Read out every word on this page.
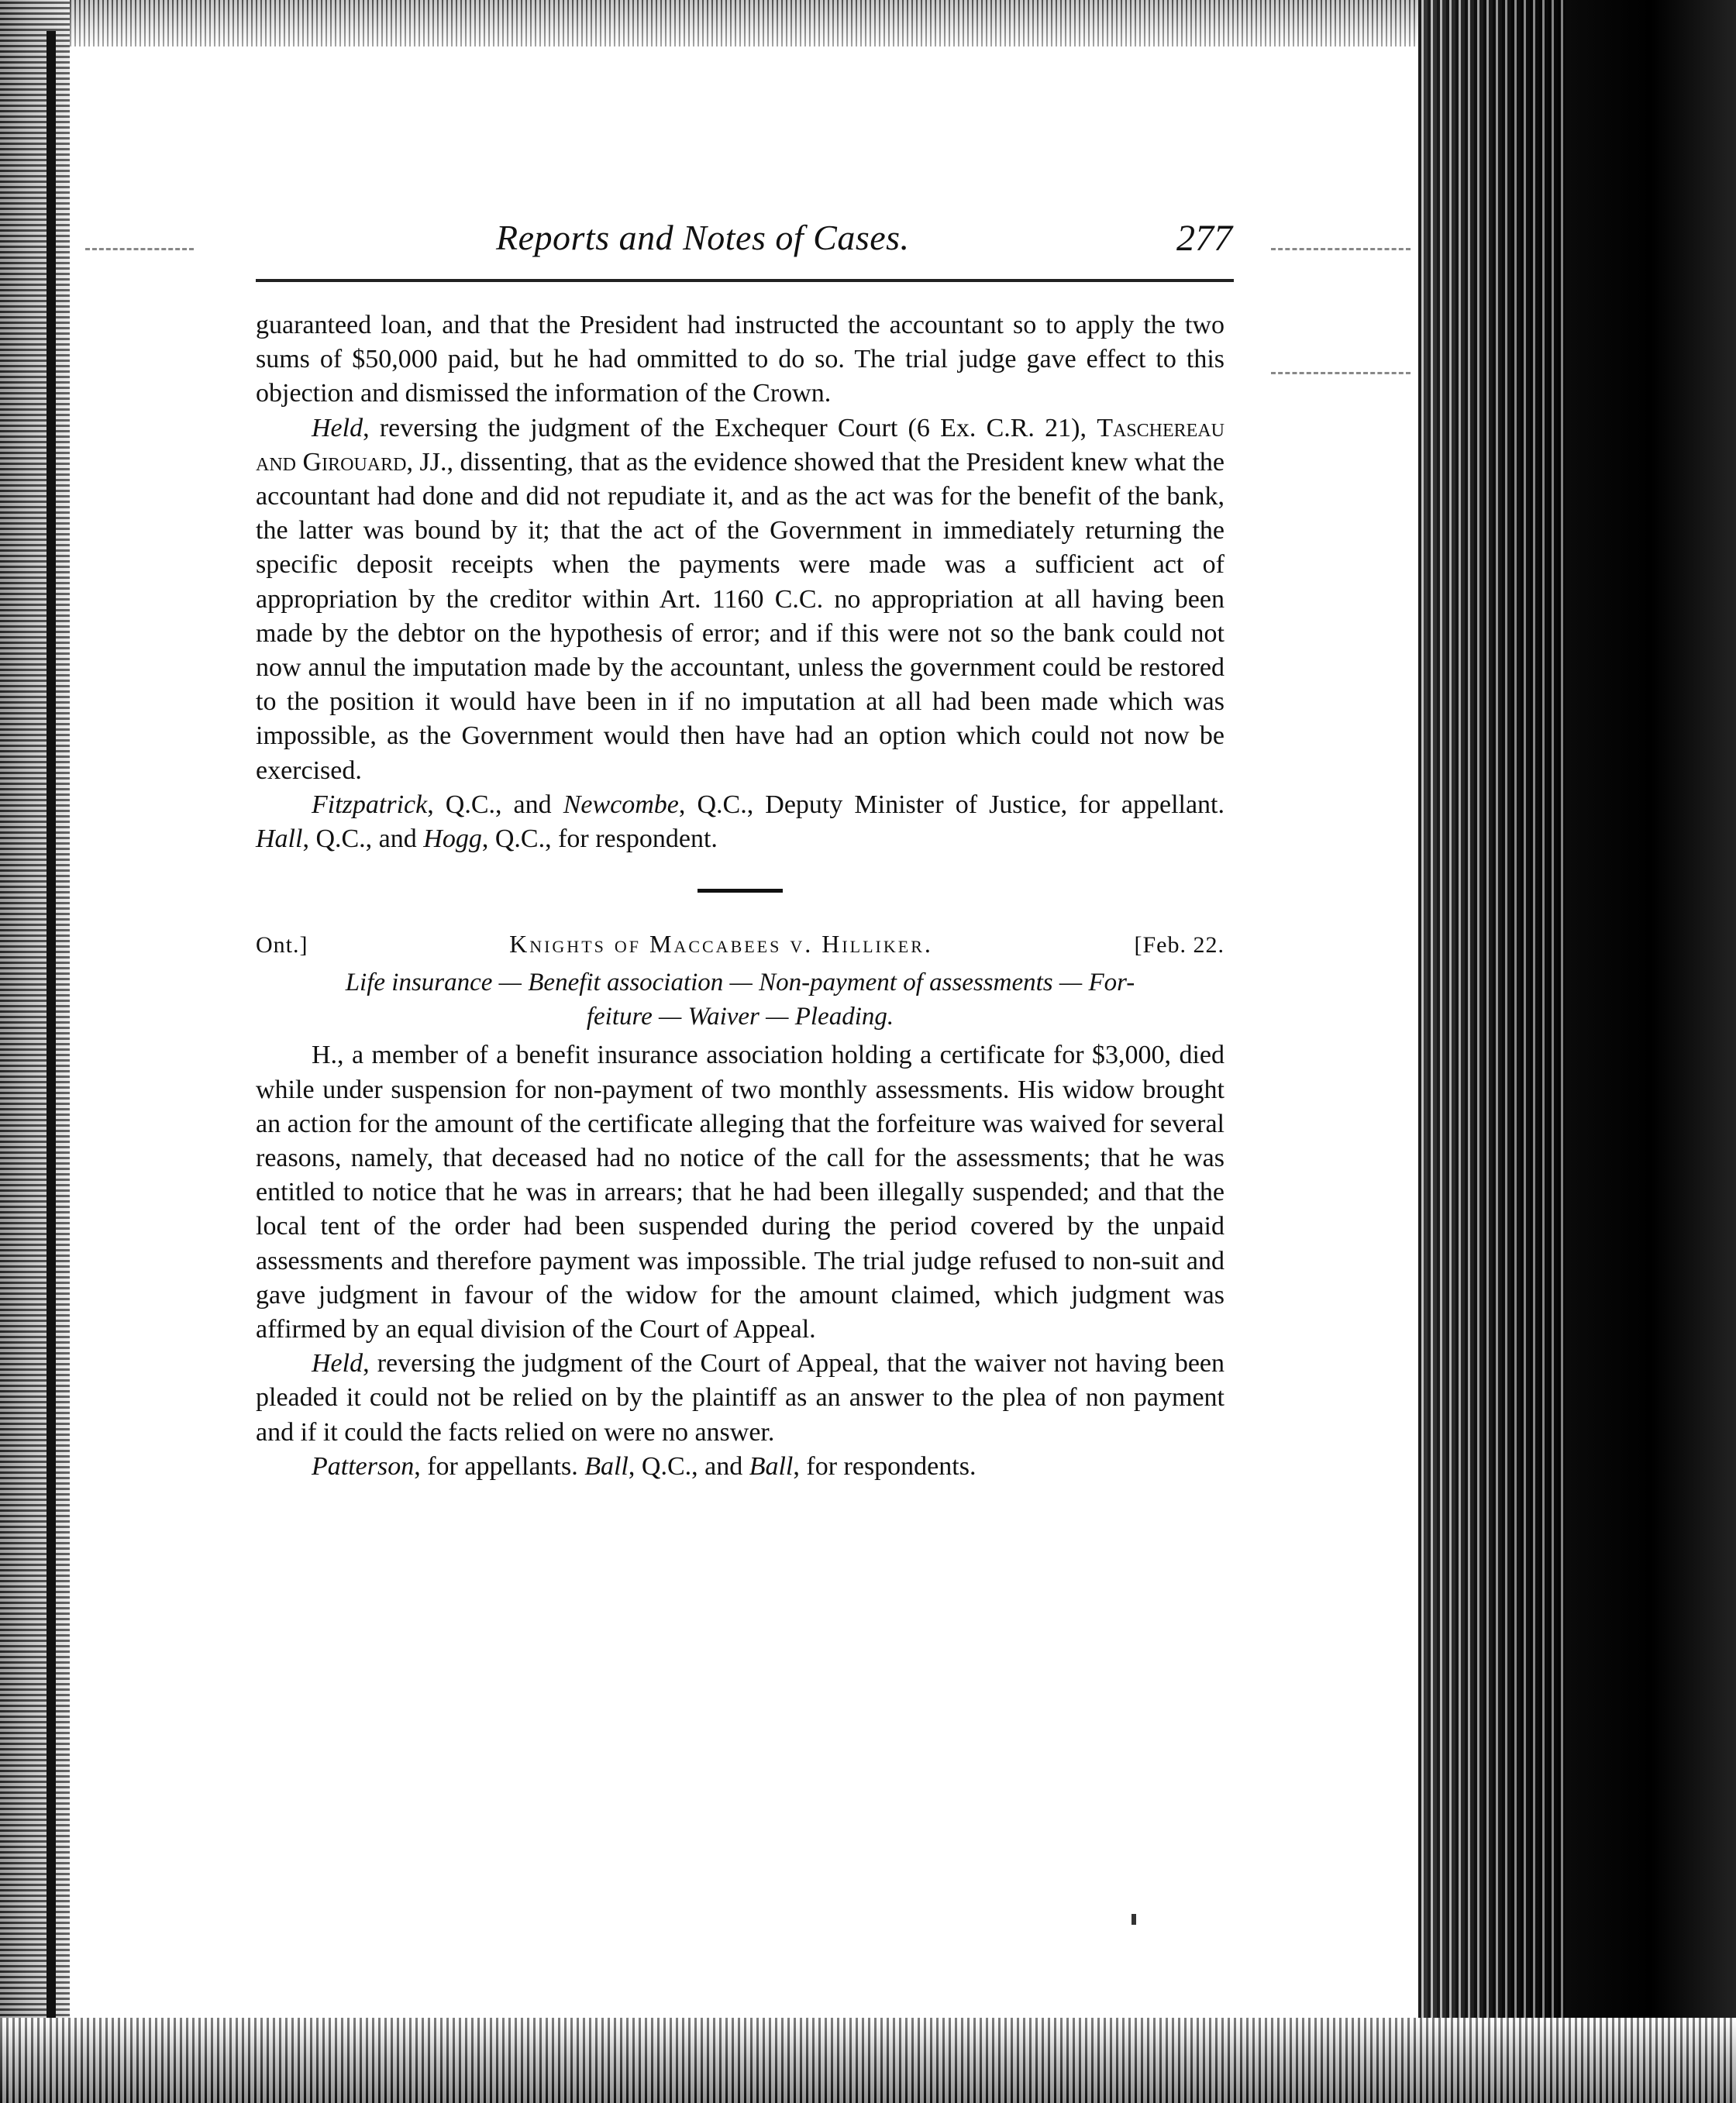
Reports and Notes of Cases.	277

guaranteed loan, and that the President had instructed the accountant so to apply the two sums of $50,000 paid, but he had ommitted to do so. The trial judge gave effect to this objection and dismissed the information of the Crown.

Held, reversing the judgment of the Exchequer Court (6 Ex. C.R. 21), Taschereau and Girouard, JJ., dissenting, that as the evidence showed that the President knew what the accountant had done and did not repudiate it, and as the act was for the benefit of the bank, the latter was bound by it; that the act of the Government in immediately returning the specific deposit receipts when the payments were made was a sufficient act of appropriation by the creditor within Art. 1160 C.C. no appropriation at all having been made by the debtor on the hypothesis of error; and if this were not so the bank could not now annul the imputation made by the accountant, unless the government could be restored to the position it would have been in if no imputation at all had been made which was impossible, as the Government would then have had an option which could not now be exercised.

Fitzpatrick, Q.C., and Newcombe, Q.C., Deputy Minister of Justice, for appellant. Hall, Q.C., and Hogg, Q.C., for respondent.

Ont.]	Knights of Maccabees v. Hilliker.	[Feb. 22.
Life insurance — Benefit association — Non-payment of assessments — For-
feiture — Waiver — Pleading.

H., a member of a benefit insurance association holding a certificate for $3,000, died while under suspension for non-payment of two monthly assessments. His widow brought an action for the amount of the certificate alleging that the forfeiture was waived for several reasons, namely, that deceased had no notice of the call for the assessments; that he was entitled to notice that he was in arrears; that he had been illegally suspended; and that the local tent of the order had been suspended during the period covered by the unpaid assessments and therefore payment was impossible. The trial judge refused to non-suit and gave judgment in favour of the widow for the amount claimed, which judgment was affirmed by an equal division of the Court of Appeal.

Held, reversing the judgment of the Court of Appeal, that the waiver not having been pleaded it could not be relied on by the plaintiff as an answer to the plea of non payment and if it could the facts relied on were no answer.

Patterson, for appellants. Ball, Q.C., and Ball, for respondents.
